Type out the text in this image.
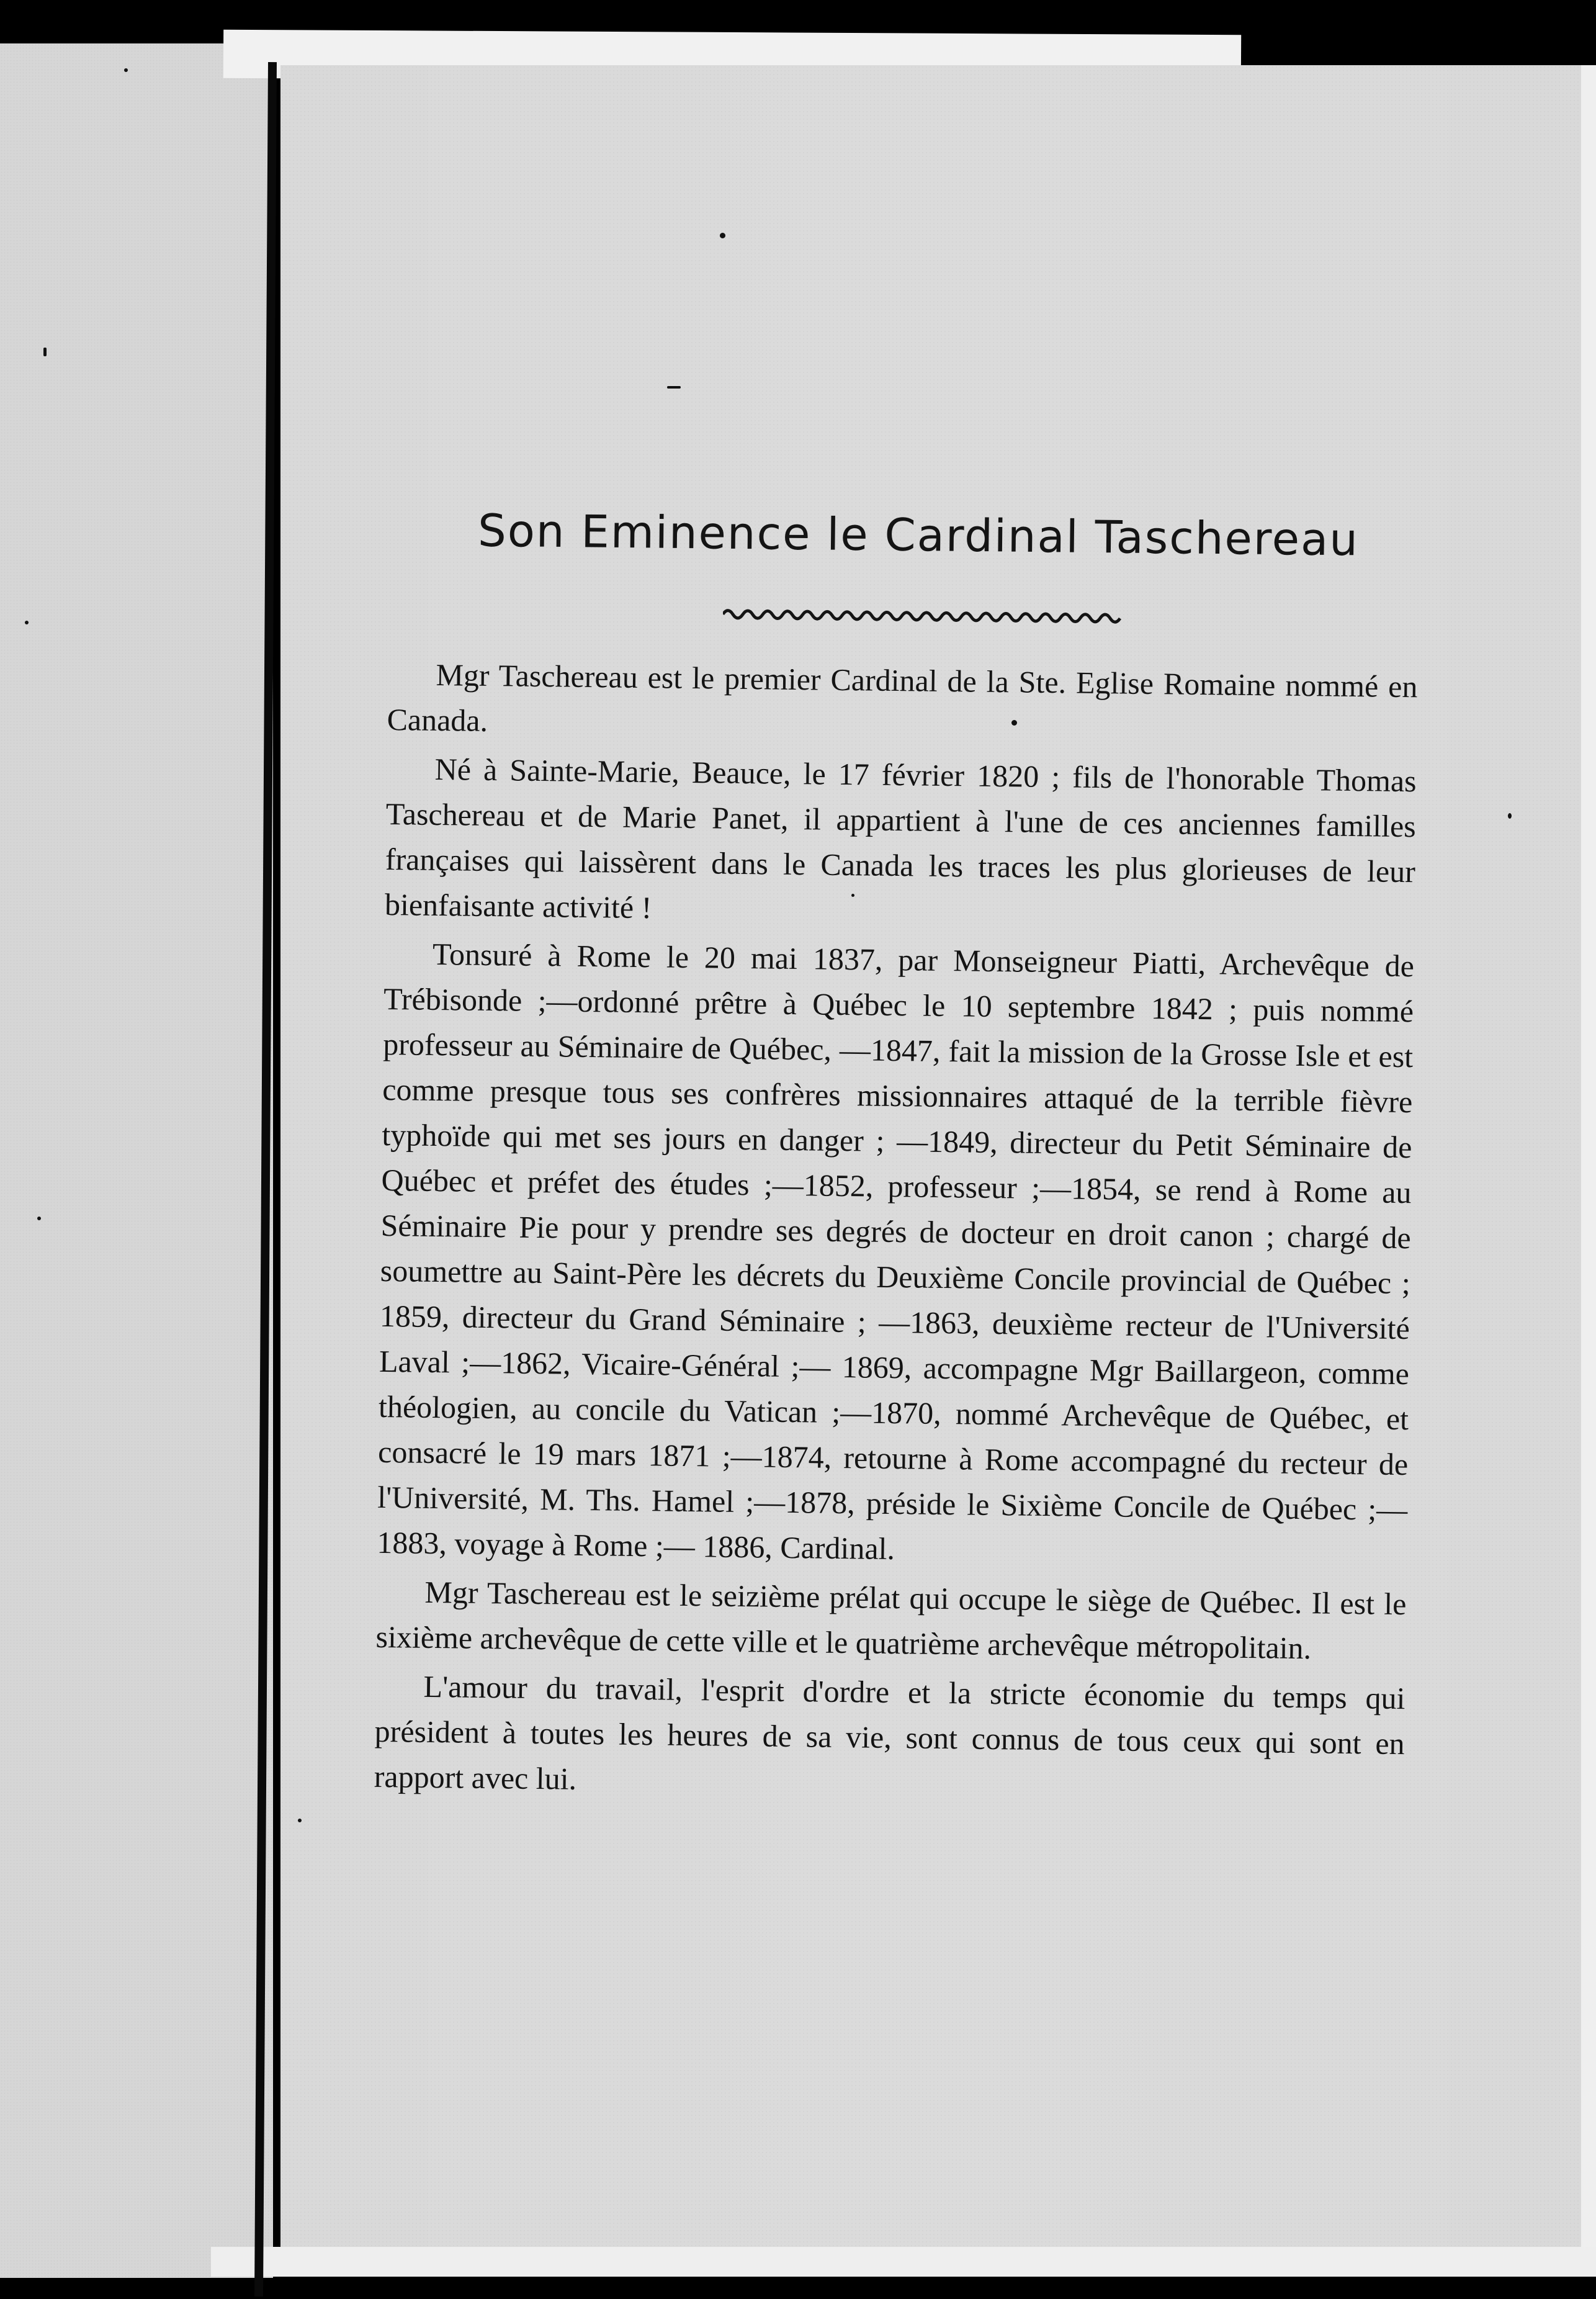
Son Eminence le Cardinal Taschereau

Mgr Taschereau est le premier Cardinal de la Ste. Eglise Romaine nommé en Canada.

Né à Sainte-Marie, Beauce, le 17 février 1820 ; fils de l'honorable Thomas Taschereau et de Marie Panet, il appartient à l'une de ces anciennes familles françaises qui laissèrent dans le Canada les traces les plus glorieuses de leur bienfaisante activité !

Tonsuré à Rome le 20 mai 1837, par Monseigneur Piatti, Archevêque de Trébisonde ;—ordonné prêtre à Québec le 10 septembre 1842 ; puis nommé professeur au Séminaire de Québec, —1847, fait la mission de la Grosse Isle et est comme presque tous ses confrères missionnaires attaqué de la terrible fièvre typhoïde qui met ses jours en danger ; —1849, directeur du Petit Séminaire de Québec et préfet des études ;—1852, professeur ;—1854, se rend à Rome au Séminaire Pie pour y prendre ses degrés de docteur en droit canon ; chargé de soumettre au Saint-Père les décrets du Deuxième Concile provincial de Québec ; 1859, directeur du Grand Séminaire ; —1863, deuxième recteur de l'Université Laval ;—1862, Vicaire-Général ;— 1869, accompagne Mgr Baillargeon, comme théologien, au concile du Vatican ;—1870, nommé Archevêque de Québec, et consacré le 19 mars 1871 ;—1874, retourne à Rome accompagné du recteur de l'Université, M. Ths. Hamel ;—1878, préside le Sixième Concile de Québec ;—1883, voyage à Rome ;— 1886, Cardinal.

Mgr Taschereau est le seizième prélat qui occupe le siège de Québec. Il est le sixième archevêque de cette ville et le quatrième archevêque métropolitain.

L'amour du travail, l'esprit d'ordre et la stricte économie du temps qui président à toutes les heures de sa vie, sont connus de tous ceux qui sont en rapport avec lui.
